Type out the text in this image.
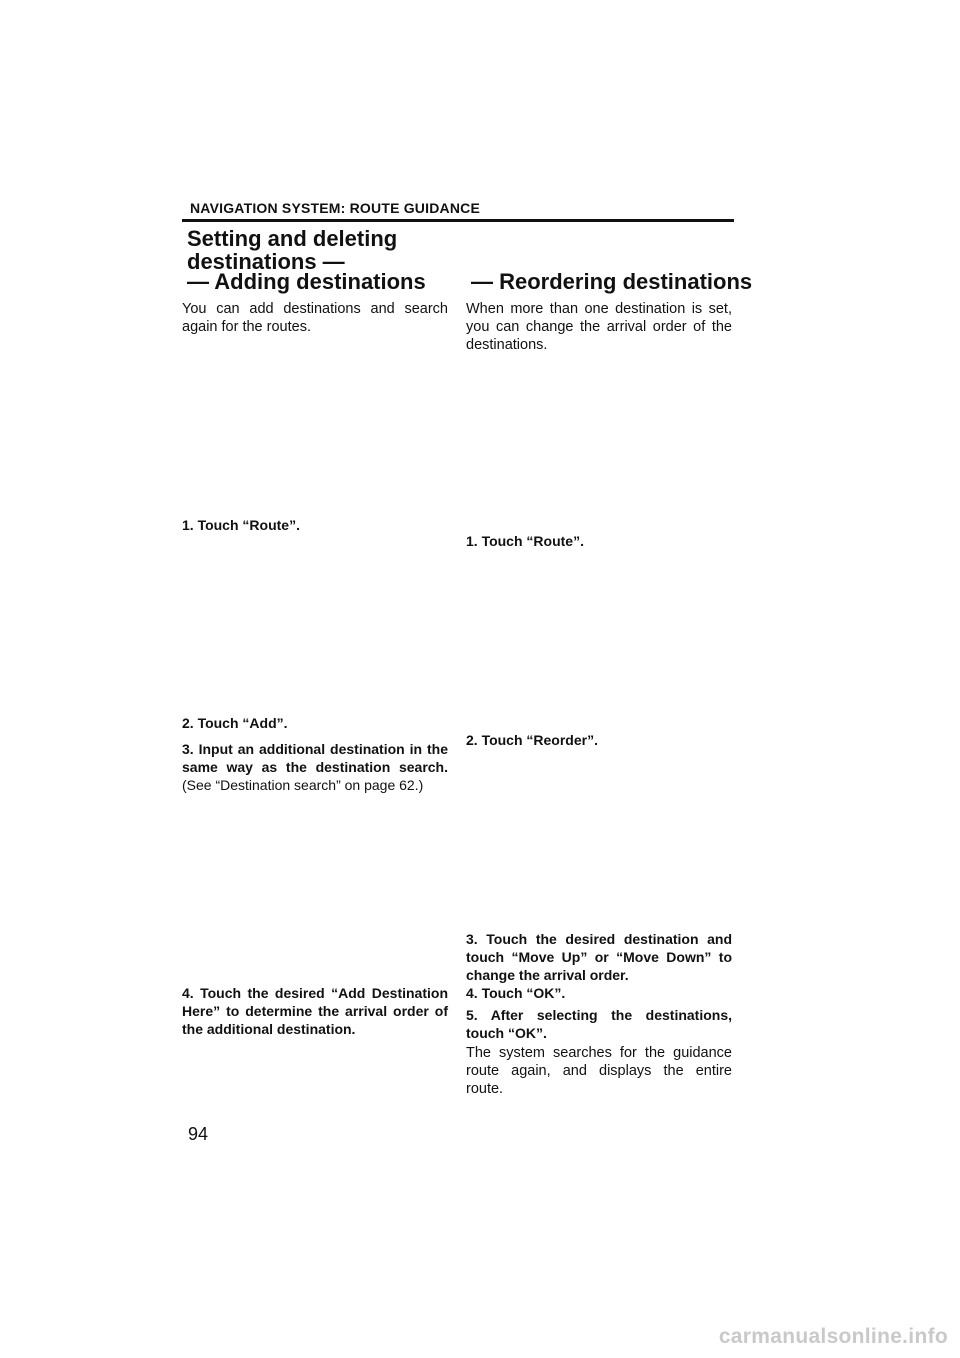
NAVIGATION SYSTEM: ROUTE GUIDANCE
Setting and deleting
destinations —
— Adding destinations — Reordering destinations
You can add destinations and search again for the routes.
1. Touch “Route”.
2. Touch “Add”.
3. Input an additional destination in the same way as the destination search. (See “Destination search” on page 62.)
4. Touch the desired “Add Destination Here” to determine the arrival order of the additional destination.
When more than one destination is set, you can change the arrival order of the destinations.
1. Touch “Route”.
2. Touch “Reorder”.
3. Touch the desired destination and touch “Move Up” or “Move Down” to change the arrival order.
4. Touch “OK”.
5. After selecting the destinations, touch “OK”.
The system searches for the guidance route again, and displays the entire route.
94
carmanualsonline.info
